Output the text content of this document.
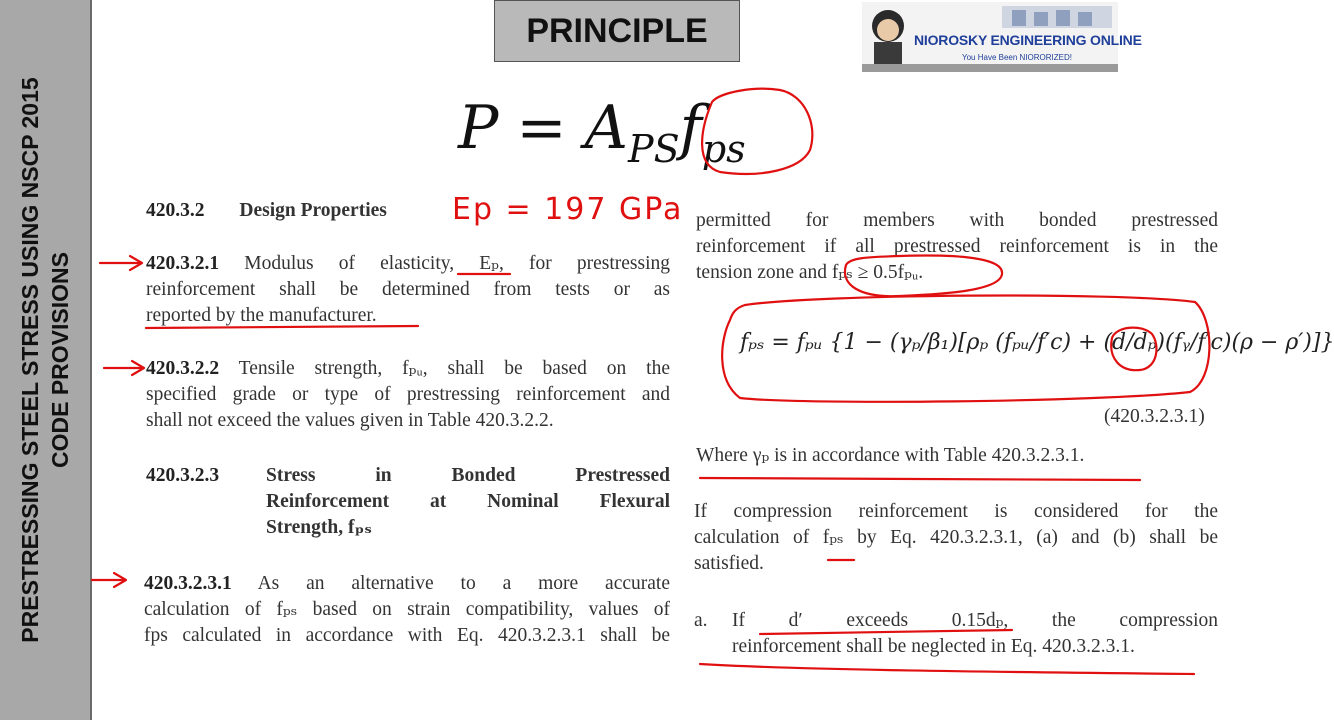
PRESTRESSING STEEL STRESS USING NSCP 2015 CODE PROVISIONS
PRINCIPLE	NIOROSKY ENGINEERING ONLINE
You Have Been NIORORIZED!
$P = A_{PS}f_{ps}$
Ep = 197 GPa
420.3.2 Design Properties
420.3.2.1 Modulus of elasticity, Eₚ, for prestressing
reinforcement shall be determined from tests or as
reported by the manufacturer.
420.3.2.2 Tensile strength, fₚᵤ, shall be based on the
specified grade or type of prestressing reinforcement and
shall not exceed the values given in Table 420.3.2.2.
420.3.2.3	Stress in Bonded Prestressed
Reinforcement at Nominal Flexural
Strength, fₚₛ
420.3.2.3.1 As an alternative to a more accurate
calculation of fₚₛ based on strain compatibility, values of
fps calculated in accordance with Eq. 420.3.2.3.1 shall be
permitted for members with bonded prestressed
reinforcement if all prestressed reinforcement is in the
tension zone and fₚₛ ≥ 0.5fₚᵤ.
fₚₛ = fₚᵤ {1 − (γₚ/β₁)[ρₚ (fₚᵤ/f′c) + (d/dₚ)(fᵧ/f′c)(ρ − ρ′)]}
(420.3.2.3.1)
Where γₚ is in accordance with Table 420.3.2.3.1.
If compression reinforcement is considered for the
calculation of fₚₛ by Eq. 420.3.2.3.1, (a) and (b) shall be
satisfied.
a.	If d′ exceeds 0.15dₚ, the compression
reinforcement shall be neglected in Eq. 420.3.2.3.1.
